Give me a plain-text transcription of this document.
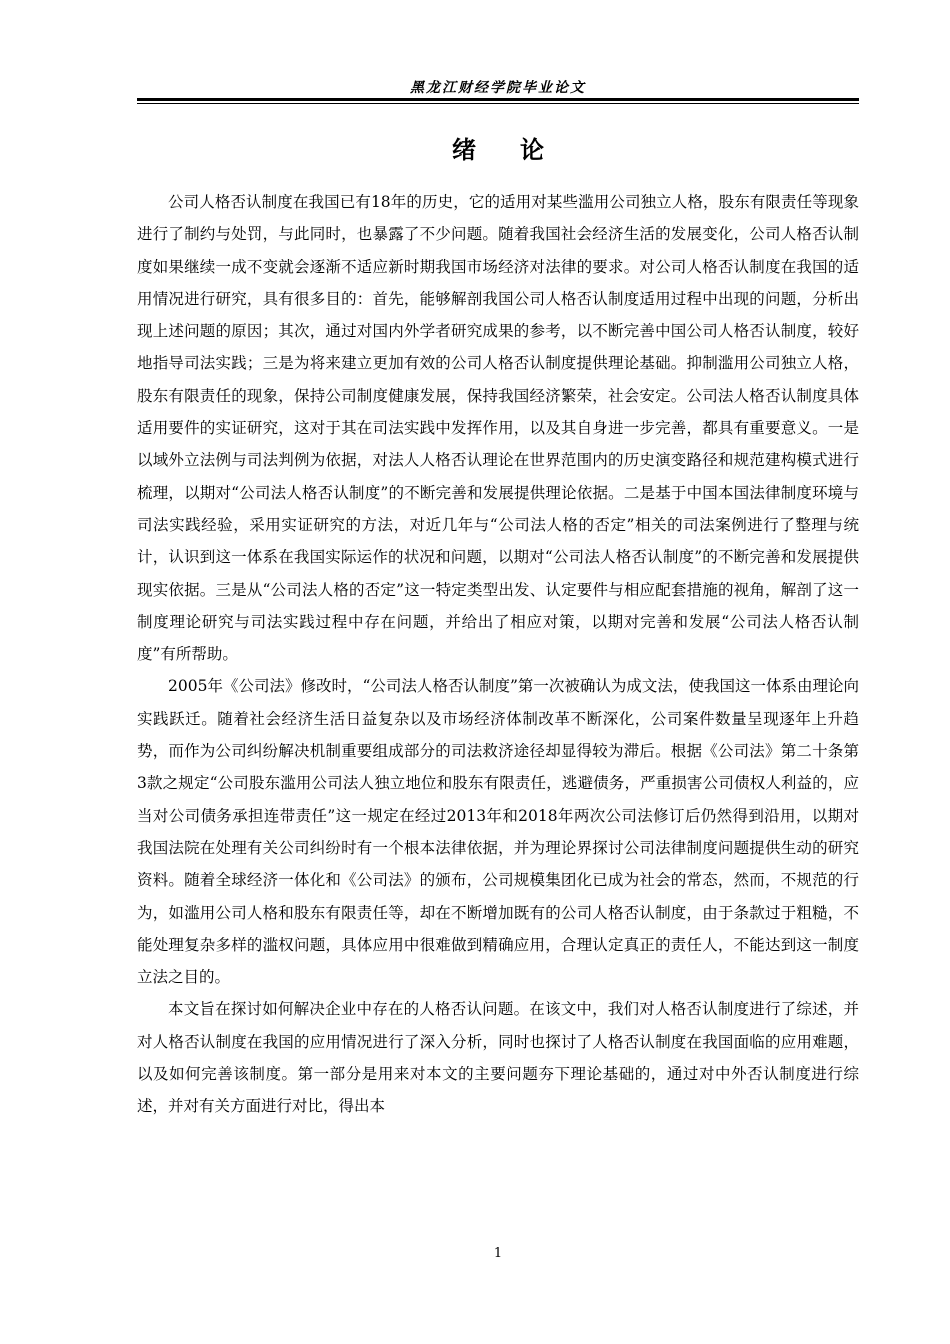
黑龙江财经学院毕业论文
绪论

公司人格否认制度在我国已有18年的历史，它的适用对某些滥用公司独立人格，股东有限责任等现象进行了制约与处罚，与此同时，也暴露了不少问题。随着我国社会经济生活的发展变化，公司人格否认制度如果继续一成不变就会逐渐不适应新时期我国市场经济对法律的要求。对公司人格否认制度在我国的适用情况进行研究，具有很多目的：首先，能够解剖我国公司人格否认制度适用过程中出现的问题，分析出现上述问题的原因；其次，通过对国内外学者研究成果的参考，以不断完善中国公司人格否认制度，较好地指导司法实践；三是为将来建立更加有效的公司人格否认制度提供理论基础。抑制滥用公司独立人格，股东有限责任的现象，保持公司制度健康发展，保持我国经济繁荣，社会安定。公司法人格否认制度具体适用要件的实证研究，这对于其在司法实践中发挥作用，以及其自身进一步完善，都具有重要意义。一是以域外立法例与司法判例为依据，对法人人格否认理论在世界范围内的历史演变路径和规范建构模式进行梳理，以期对“公司法人格否认制度”的不断完善和发展提供理论依据。二是基于中国本国法律制度环境与司法实践经验，采用实证研究的方法，对近几年与“公司法人格的否定”相关的司法案例进行了整理与统计，认识到这一体系在我国实际运作的状况和问题，以期对“公司法人格否认制度”的不断完善和发展提供现实依据。三是从“公司法人格的否定”这一特定类型出发、认定要件与相应配套措施的视角，解剖了这一制度理论研究与司法实践过程中存在问题，并给出了相应对策，以期对完善和发展“公司法人格否认制度”有所帮助。

2005年《公司法》修改时，“公司法人格否认制度”第一次被确认为成文法，使我国这一体系由理论向实践跃迁。随着社会经济生活日益复杂以及市场经济体制改革不断深化，公司案件数量呈现逐年上升趋势，而作为公司纠纷解决机制重要组成部分的司法救济途径却显得较为滞后。根据《公司法》第二十条第3款之规定“公司股东滥用公司法人独立地位和股东有限责任，逃避债务，严重损害公司债权人利益的，应当对公司债务承担连带责任”这一规定在经过2013年和2018年两次公司法修订后仍然得到沿用，以期对我国法院在处理有关公司纠纷时有一个根本法律依据，并为理论界探讨公司法律制度问题提供生动的研究资料。随着全球经济一体化和《公司法》的颁布，公司规模集团化已成为社会的常态，然而，不规范的行为，如滥用公司人格和股东有限责任等，却在不断增加既有的公司人格否认制度，由于条款过于粗糙，不能处理复杂多样的滥权问题，具体应用中很难做到精确应用，合理认定真正的责任人，不能达到这一制度立法之目的。

本文旨在探讨如何解决企业中存在的人格否认问题。在该文中，我们对人格否认制度进行了综述，并对人格否认制度在我国的应用情况进行了深入分析，同时也探讨了人格否认制度在我国面临的应用难题，以及如何完善该制度。第一部分是用来对本文的主要问题夯下理论基础的，通过对中外否认制度进行综述，并对有关方面进行对比，得出本

1
